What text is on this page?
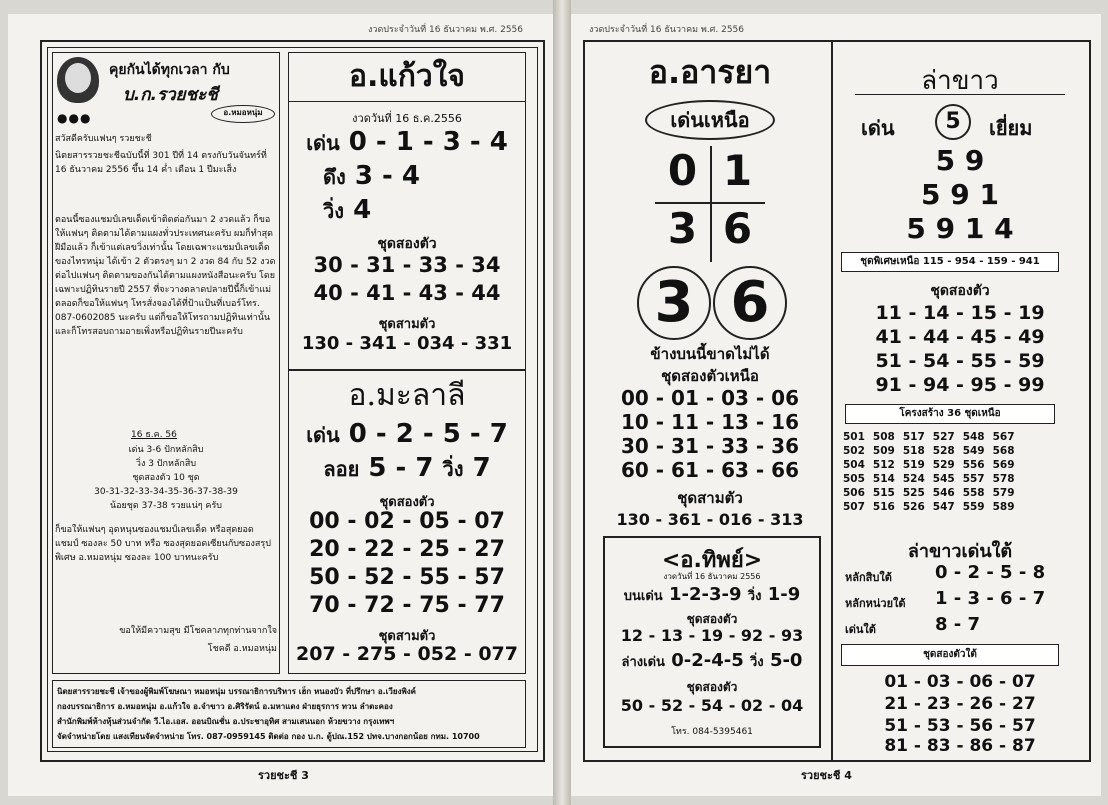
งวดประจำวันที่ 16 ธันวาคม พ.ศ. 2556
คุยกันได้ทุกเวลา กับ
บ.ก.รวยชะชี
●●●	อ.หมอหนุ่ม
สวัสดีครับแฟนๆ รวยชะชี
นิตยสารรวยชะชีฉบับนี้ที่ 301 ปีที่ 14 ตรงกับวันจันทร์ที่ 16 ธันวาคม 2556 ขึ้น 14 ค่ำ เดือน 1 ปีมะเส็ง
ตอนนี้ซองแชมป์เลขเด็ดเข้าติดต่อกันมา 2 งวดแล้ว ก็ขอให้แฟนๆ ติดตามได้ตามแผงทั่วประเทศนะครับ ผมก็ทำสุดฝีมือแล้ว ก็เข้าแต่เลขวิ่งเท่านั้น โดยเฉพาะแชมป์เลขเด็ดของไทรหนุ่ม ได้เข้า 2 ตัวตรงๆ มา 2 งวด 84 กับ 52 งวดต่อไปแฟนๆ ติดตามของกันได้ตามแผงหนังสือนะครับ โดยเฉพาะปฏิทินรายปี 2557 ที่จะวางตลาดปลายปีนี้ก็เข้าแม่ตลอดก็ขอให้แฟนๆ โทรสั่งจองได้ที่ป้าแป้นที่เบอร์โทร. 087-0602085 นะครับ แต่ก็ขอให้โทรถามปฏิทินเท่านั้น และก็โทรสอบถามอายเพิ่งหรือปฏิทินรายปีนะครับ
16 ธ.ค. 56
เด่น 3-6 ปักหลักสิบ
วิ่ง 3 ปักหลักสิบ
ชุดสองตัว 10 ชุด
30-31-32-33-34-35-36-37-38-39
น้อยชุด 37-38 รวยแน่ๆ ครับ
ก็ขอให้แฟนๆ อุดหนุนซองแชมป์เลขเด็ด หรือสุดยอดแชมป์ ซองละ 50 บาท หรือ ซองสุดยอดเซียนกับซองสรุปพิเศษ อ.หมอหนุ่ม ซองละ 100 บาทนะครับ
ขอให้มีความสุข มีโชคลาภทุกท่านจากใจ
โชคดี อ.หมอหนุ่ม
อ.แก้วใจ
งวดวันที่ 16 ธ.ค.2556
เด่น 0 - 1 - 3 - 4
ดึง 3 - 4
วิ่ง 4
ชุดสองตัว
30 - 31 - 33 - 34
40 - 41 - 43 - 44
ชุดสามตัว
130 - 341 - 034 - 331
อ.มะลาลี
เด่น 0 - 2 - 5 - 7
ลอย 5 - 7 วิ่ง 7
ชุดสองตัว
00 - 02 - 05 - 07
20 - 22 - 25 - 27
50 - 52 - 55 - 57
70 - 72 - 75 - 77
ชุดสามตัว
207 - 275 - 052 - 077
นิตยสารรวยชะชี เจ้าของผู้พิมพ์โฆษณา หมอหนุ่ม บรรณาธิการบริหาร เฮ็ก หนองบัว ที่ปรึกษา อ.เวียงพิงค์
กองบรรณาธิการ อ.หมอหนุ่ม อ.แก้วใจ อ.จำขาว อ.ศิริรัตน์ อ.มหาแดง ฝ่ายธุรการ ทวน ลำตะคอง
สำนักพิมพ์ห้างหุ้นส่วนจำกัด วี.ไอ.เอส. ออนบิณชั่น อ.ประชาอุทิศ สามเสนนอก ห้วยขวาง กรุงเทพฯ
จัดจำหน่ายโดย แสงเทียนจัดจำหน่าย โทร. 087-0959145 ติดต่อ กอง บ.ก. ตู้ปณ.152 ปทจ.บางกอกน้อย กทม. 10700
รวยชะชี 3
งวดประจำวันที่ 16 ธันวาคม พ.ศ. 2556
อ.อารยา
เด่นเหนือ
0 1
3 6
3 6
ข้างบนนี้ขาดไม่ได้
ชุดสองตัวเหนือ
00 - 01 - 03 - 06
10 - 11 - 13 - 16
30 - 31 - 33 - 36
60 - 61 - 63 - 66
ชุดสามตัว
130 - 361 - 016 - 313
<อ.ทิพย์>
งวดวันที่ 16 ธันวาคม 2556
บนเด่น 1-2-3-9 วิ่ง 1-9
ชุดสองตัว
12 - 13 - 19 - 92 - 93
ล่างเด่น 0-2-4-5 วิ่ง 5-0
ชุดสองตัว
50 - 52 - 54 - 02 - 04
โทร. 084-5395461
ล่าขาว
เด่น	5	เยี่ยม
5 9
5 9 1
5 9 1 4
ชุดพิเศษเหนือ 115 - 954 - 159 - 941
ชุดสองตัว
11 - 14 - 15 - 19
41 - 44 - 45 - 49
51 - 54 - 55 - 59
91 - 94 - 95 - 99
โครงสร้าง 36 ชุดเหนือ
501	508	517	527	548	567
502	509	518	528	549	568
504	512	519	529	556	569
505	514	524	545	557	578
506	515	525	546	558	579
507	516	526	547	559	589
ล่าขาวเด่นใต้
หลักสิบใต้ 0 - 2 - 5 - 8
หลักหน่วยใต้ 1 - 3 - 6 - 7
เด่นใต้	8 - 7
ชุดสองตัวใต้
01 - 03 - 06 - 07
21 - 23 - 26 - 27
51 - 53 - 56 - 57
81 - 83 - 86 - 87
รวยชะชี 4
